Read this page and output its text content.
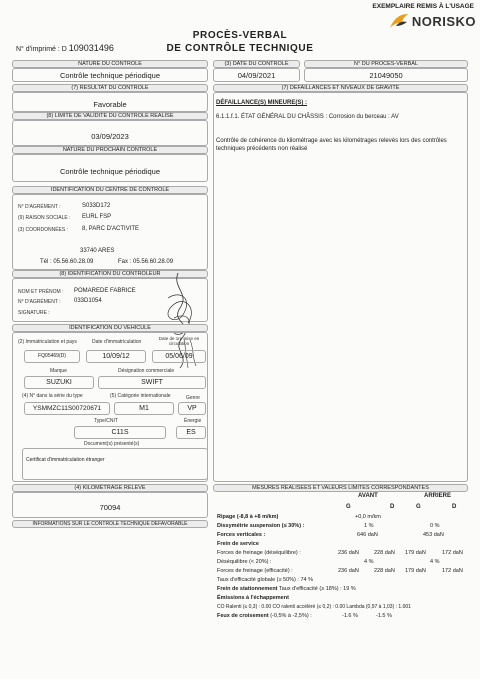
EXEMPLAIRE REMIS À L'USAGE
NORISKO
PROCÈS-VERBAL
DE CONTRÔLE TECHNIQUE
N° d'imprimé : D 109031496
NATURE DU CONTRÔLE
Contrôle technique périodique
(3) DATE DU CONTRÔLE
04/09/2021
N° DU PROCÈS-VERBAL
21049050
(7) RÉSULTAT DU CONTRÔLE
Favorable
(8) LIMITE DE VALIDITÉ DU CONTRÔLE RÉALISÉ
03/09/2023
NATURE DU PROCHAIN CONTRÔLE
Contrôle technique périodique
IDENTIFICATION DU CENTRE DE CONTRÔLE
N° D'AGRÉMENT :	S033D172
(9) RAISON SOCIALE : EURL FSP
(3) COORDONNÉES : 8, PARC D'ACTIVITE
33740 ARES
Tél : 05.56.60.28.09	Fax : 05.56.60.28.09
(8) IDENTIFICATION DU CONTRÔLEUR
NOM ET PRÉNOM : POMAREDE FABRICE
N° D'AGRÉMENT : 033D1054
SIGNATURE :
IDENTIFICATION DU VÉHICULE
(2) Immatriculation et pays	Date d'immatriculation
Date de 1re mise en circulation
FQ05469(D)	10/09/12	05/06/09
Marque	Désignation commerciale
SUZUKI	SWIFT
(4) N° dans la série du type	(5) Catégorie internationale	Genre
YSMMZC11S00720671	M1	VP
Type/CNIT	Énergie
C11S	ES
Document(s) présenté(s)
Certificat d'immatriculation étranger
(4) KILOMÉTRAGE RELEVÉ
70094
INFORMATIONS SUR LE CONTRÔLE TECHNIQUE DÉFAVORABLE
(7) DÉFAILLANCES ET NIVEAUX DE GRAVITÉ
DÉFAILLANCE(S) MINEURE(S) :
6.1.1.f.1. ÉTAT GÉNÉRAL DU CHÂSSIS : Corrosion du berceau : AV
Contrôle de cohérence du kilométrage avec les kilométrages relevés lors des contrôles techniques précédents non réalisé
MESURES RÉALISÉES ET VALEURS LIMITES CORRESPONDANTES
AVANT	ARRIERE
G	D	G	D
Ripage (-8,8 à +8 m/km)	+0,0 m/km
Dissymétrie suspension (≤ 30%) :	1 %	0 %
Forces verticales :	646 daN	453 daN
Frein de service
Forces de freinage (déséquilibre) :	236 daN	228 daN 179 daN	172 daN
Déséquilibre (< 20%) :	4 %	4 %
Forces de freinage (efficacité) :	236 daN	228 daN 179 daN	172 daN
Taux d'efficacité globale (≥ 50%) : 74 %
Frein de stationnement Taux d'efficacité (≥ 18%) : 19 %
Émissions à l'échappement
CO Ralenti (≤ 0,3) : 0.00 CO ralenti accéléré (≤ 0,2) : 0.00 Lambda (0,97 à 1,03) : 1.001
Feux de croisement (-0,5% à -2,5%) :	-1.6 %	-1.5 %
